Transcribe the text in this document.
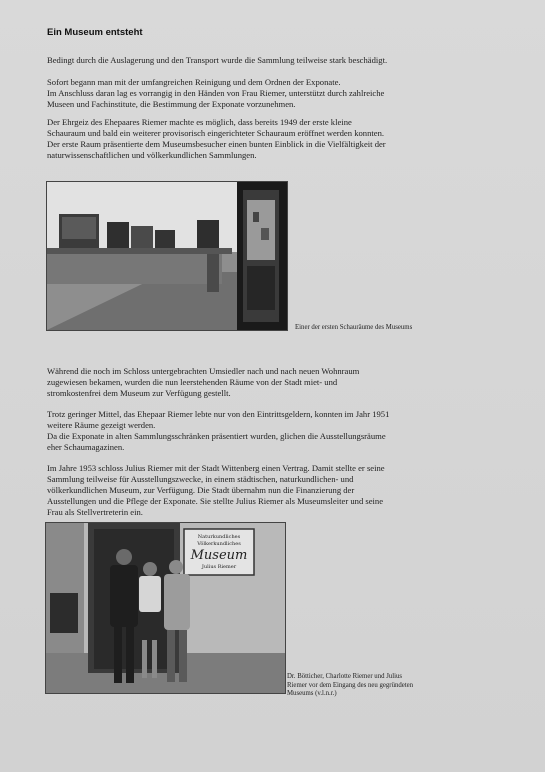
Ein Museum entsteht
Bedingt durch die Auslagerung und den Transport wurde die Sammlung teilweise stark beschädigt.
Sofort begann man mit der umfangreichen Reinigung und dem Ordnen der Exponate.
Im Anschluss daran lag es vorrangig in den Händen von Frau Riemer, unterstützt durch zahlreiche
Museen und Fachinstitute, die Bestimmung der Exponate vorzunehmen.
Der Ehrgeiz des Ehepaares Riemer machte es möglich, dass bereits 1949 der erste kleine
Schauraum und bald ein weiterer provisorisch eingerichteter Schauraum eröffnet werden konnten.
Der erste Raum präsentierte dem Museumsbesucher einen bunten Einblick in die Vielfältigkeit der
naturwissenschaftlichen und völkerkundlichen Sammlungen.
Einer der ersten Schauräume des Museums
Während die noch im Schloss untergebrachten Umsiedler nach und nach neuen Wohnraum
zugewiesen bekamen, wurden die nun leerstehenden Räume von der Stadt miet- und
stromkostenfrei dem Museum zur Verfügung gestellt.
Trotz geringer Mittel, das Ehepaar Riemer lebte nur von den Eintrittsgeldern, konnten im Jahr 1951
weitere Räume gezeigt werden.
Da die Exponate in alten Sammlungsschränken präsentiert wurden, glichen die Ausstellungsräume
eher Schaumagazinen.
Im Jahre 1953 schloss Julius Riemer mit der Stadt Wittenberg einen Vertrag. Damit stellte er seine
Sammlung teilweise für Ausstellungszwecke, in einem städtischen, naturkundlichen- und
völkerkundlichen Museum, zur Verfügung. Die Stadt übernahm nun die Finanzierung der
Ausstellungen und die Pflege der Exponate. Sie stellte Julius Riemer als Museumsleiter und seine
Frau als Stellvertreterin ein.
Naturkundliches
Völkerkundliches
Museum
Julius Riemer
Dr. Bötticher, Charlotte Riemer und Julius
Riemer vor dem Eingang des neu gegründeten
Museums (v.l.n.r.)
